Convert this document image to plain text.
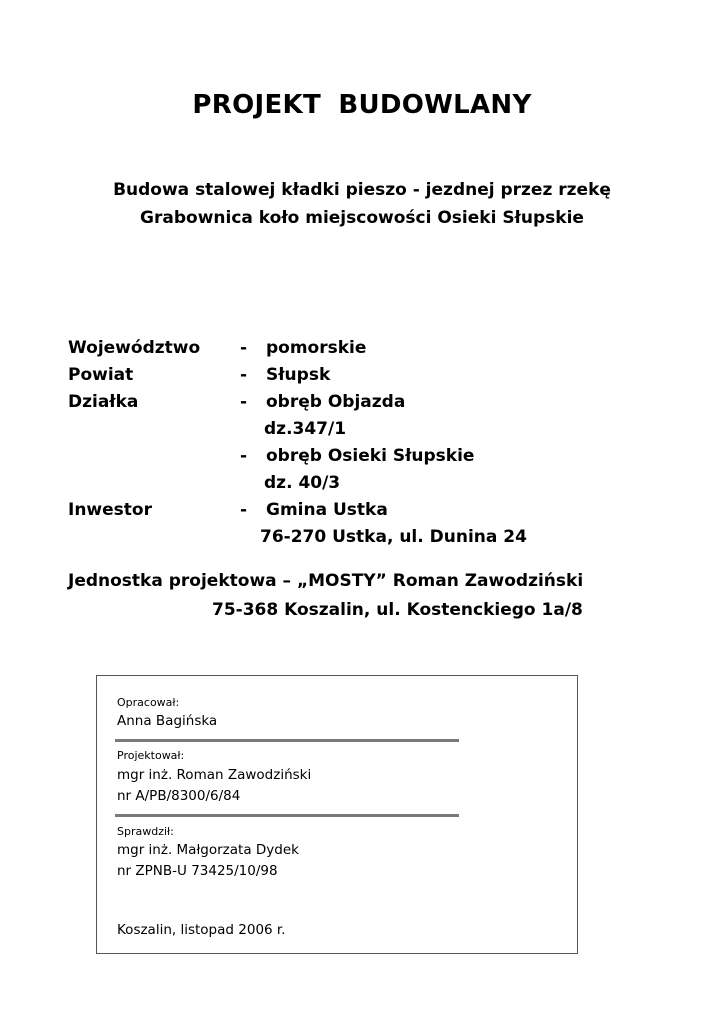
PROJEKT BUDOWLANY
Budowa stalowej kładki pieszo - jezdnej przez rzekę
Grabownica koło miejscowości Osieki Słupskie
Województwo - pomorskie
Powiat	- Słupsk
Działka	- obręb Objazda
dz.347/1
- obręb Osieki Słupskie
dz. 40/3
Inwestor	- Gmina Ustka
76-270 Ustka, ul. Dunina 24
Jednostka projektowa – „MOSTY” Roman Zawodziński
75-368 Koszalin, ul. Kostenckiego 1a/8
Opracował:
Anna Bagińska
Projektował:
mgr inż. Roman Zawodziński
nr A/PB/8300/6/84
Sprawdził:
mgr inż. Małgorzata Dydek
nr ZPNB-U 73425/10/98
Koszalin, listopad 2006 r.
